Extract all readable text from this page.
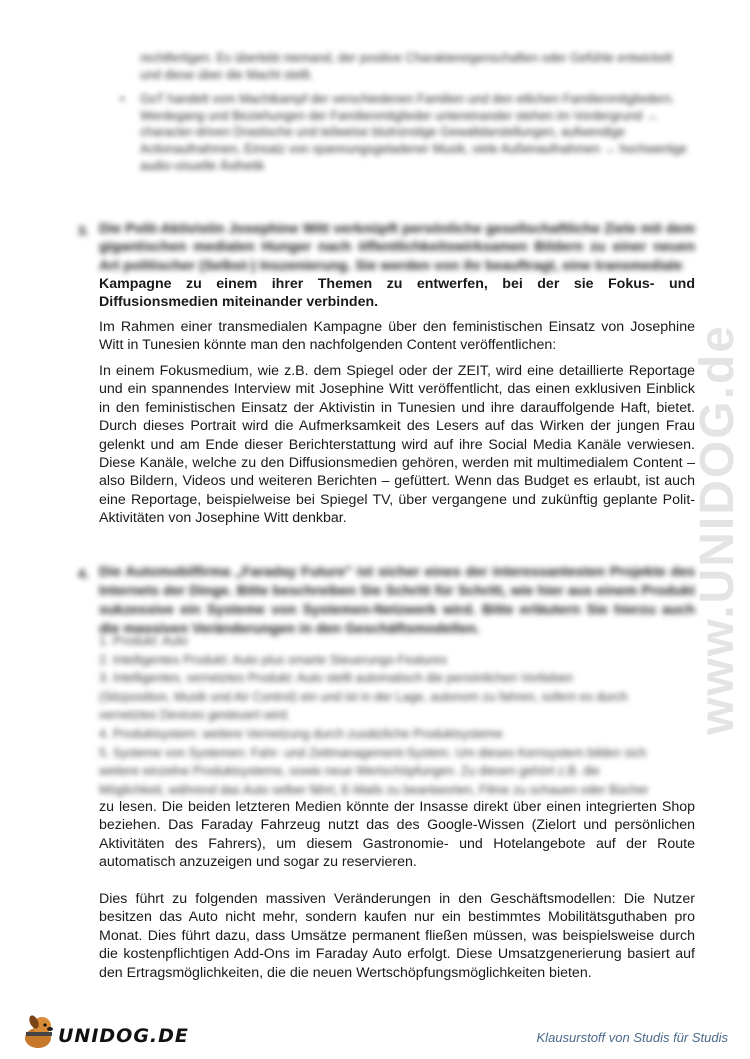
www.UNIDOG.de
rechtfertigen. Es überlebt niemand, der positive Charaktereigenschaften oder Gefühle entwickelt und diese über die Macht stellt.
• GoT handelt vom Machtkampf der verschiedenen Familien und den etlichen Familienmitgliedern. Werdegang und Beziehungen der Familienmitglieder untereinander stehen im Vordergrund → character-driven Drastische und teilweise blutrünstige Gewaltdarstellungen, aufwendige Actionaufnahmen, Einsatz von spannungsgeladener Musik, viele Außenaufnahmen → hochwertige audio-visuelle Ästhetik
3. Die Polit-Aktivistin Josephine Witt verknüpft persönliche gesellschaftliche Ziele mit dem gigantischen medialen Hunger nach öffentlichkeitswirksamen Bildern zu einer neuen Art politischer (Selbst-) Inszenierung. Sie werden von ihr beauftragt, eine transmediale
Kampagne zu einem ihrer Themen zu entwerfen, bei der sie Fokus- und Diffusionsmedien miteinander verbinden.
Im Rahmen einer transmedialen Kampagne über den feministischen Einsatz von Josephine Witt in Tunesien könnte man den nachfolgenden Content veröffentlichen:
In einem Fokusmedium, wie z.B. dem Spiegel oder der ZEIT, wird eine detaillierte Reportage und ein spannendes Interview mit Josephine Witt veröffentlicht, das einen exklusiven Einblick in den feministischen Einsatz der Aktivistin in Tunesien und ihre darauffolgende Haft, bietet. Durch dieses Portrait wird die Aufmerksamkeit des Lesers auf das Wirken der jungen Frau gelenkt und am Ende dieser Berichterstattung wird auf ihre Social Media Kanäle verwiesen. Diese Kanäle, welche zu den Diffusionsmedien gehören, werden mit multimedialem Content – also Bildern, Videos und weiteren Berichten – gefüttert. Wenn das Budget es erlaubt, ist auch eine Reportage, beispielweise bei Spiegel TV, über vergangene und zukünftig geplante Polit-Aktivitäten von Josephine Witt denkbar.
4. Die Automobilfirma „Faraday Future" ist sicher eines der interessantesten Projekte des Internets der Dinge. Bitte beschreiben Sie Schritt für Schritt, wie hier aus einem Produkt sukzessive ein Systeme von Systemen-Netzwerk wird. Bitte erläutern Sie hierzu auch die massiven Veränderungen in den Geschäftsmodellen.
1. Produkt: Auto
2. Intelligentes Produkt: Auto plus smarte Steuerungs-Features
3. Intelligentes, vernetztes Produkt: Auto stellt automatisch die persönlichen Vorlieben
(Sitzposition, Musik und Air Control) ein und ist in der Lage, autonom zu fahren, sofern es durch
vernetztes Devices gesteuert wird.
4. Produktsystem: weitere Vernetzung durch zusätzliche Produktsysteme
5. Systeme von Systemen: Fahr- und Zeitmanagement-System. Um dieses Kernsystem bilden sich
weitere einzelne Produktsysteme, sowie neue Wertschöpfungen. Zu diesen gehört z.B. die
Möglichkeit, während das Auto selber fährt, E-Mails zu beantworten, Filme zu schauen oder Bücher
zu lesen. Die beiden letzteren Medien könnte der Insasse direkt über einen integrierten Shop beziehen. Das Faraday Fahrzeug nutzt das des Google-Wissen (Zielort und persönlichen Aktivitäten des Fahrers), um diesem Gastronomie- und Hotelangebote auf der Route automatisch anzuzeigen und sogar zu reservieren.
Dies führt zu folgenden massiven Veränderungen in den Geschäftsmodellen: Die Nutzer besitzen das Auto nicht mehr, sondern kaufen nur ein bestimmtes Mobilitätsguthaben pro Monat. Dies führt dazu, dass Umsätze permanent fließen müssen, was beispielsweise durch die kostenpflichtigen Add-Ons im Faraday Auto erfolgt. Diese Umsatzgenerierung basiert auf den Ertragsmöglichkeiten, die die neuen Wertschöpfungsmöglichkeiten bieten.
UNIDOG.DE	Klausurstoff von Studis für Studis
